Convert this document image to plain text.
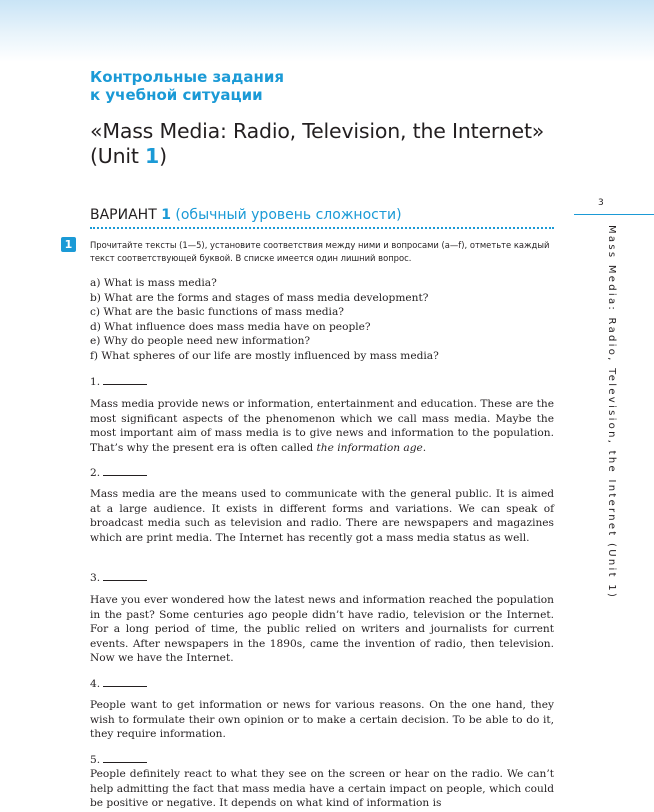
Контрольные задания
к учебной ситуации
«Mass Media: Radio, Television, the Internet»
(Unit 1)
ВАРИАНТ 1 (обычный уровень сложности)
3
Mass Media: Radio, Television, the Internet (Unit 1)
1	Прочитайте тексты (1—5), установите соответствия между ними и вопросами (a—f), отметьте каждый текст соответствующей буквой. В списке имеется один лишний вопрос.
a) What is mass media?
b) What are the forms and stages of mass media development?
c) What are the basic functions of mass media?
d) What influence does mass media have on people?
e) Why do people need new information?
f) What spheres of our life are mostly influenced by mass media?
1.

Mass media provide news or information, entertainment and education. These are the most significant aspects of the phenomenon which we call mass media. Maybe the most important aim of mass media is to give news and information to the population. That’s why the present era is often called the information age.

2.

Mass media are the means used to communicate with the general public. It is aimed at a large audience. It exists in different forms and variations. We can speak of broadcast media such as television and radio. There are newspapers and magazines which are print media. The Internet has recently got a mass media status as well.

3.

Have you ever wondered how the latest news and information reached the population in the past? Some centuries ago people didn’t have radio, television or the Internet. For a long period of time, the public relied on writers and journalists for current events. After newspapers in the 1890s, came the invention of radio, then television. Now we have the Internet.

4.

People want to get information or news for various reasons. On the one hand, they wish to formulate their own opinion or to make a certain decision. To be able to do it, they require information.

5.

People definitely react to what they see on the screen or hear on the radio. We can’t help admitting the fact that mass media have a certain impact on people, which could be positive or negative. It depends on what kind of information is
